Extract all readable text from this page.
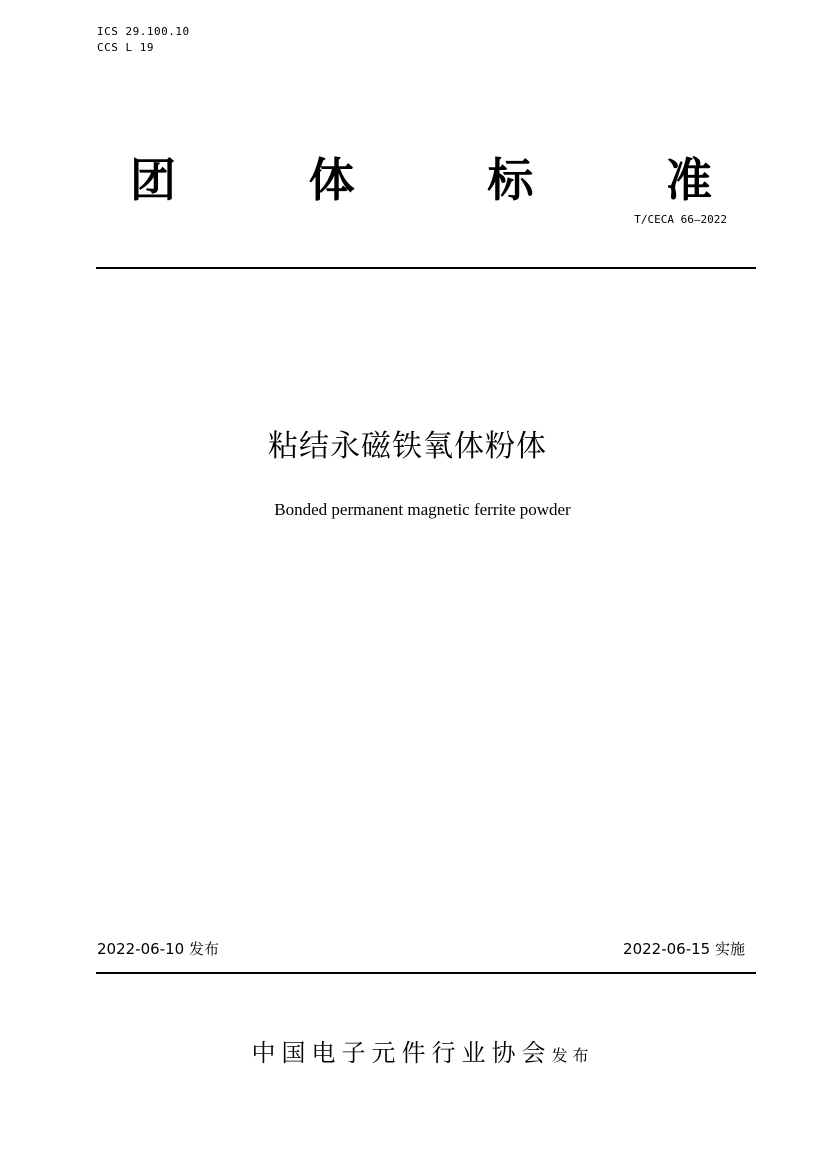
ICS 29.100.10
CCS L 19
团	体	标	准
T/CECA 66—2022
粘结永磁铁氧体粉体
Bonded permanent magnetic ferrite powder
2022-06-10 发布	2022-06-15 实施
中国电子元件行业协会发布
